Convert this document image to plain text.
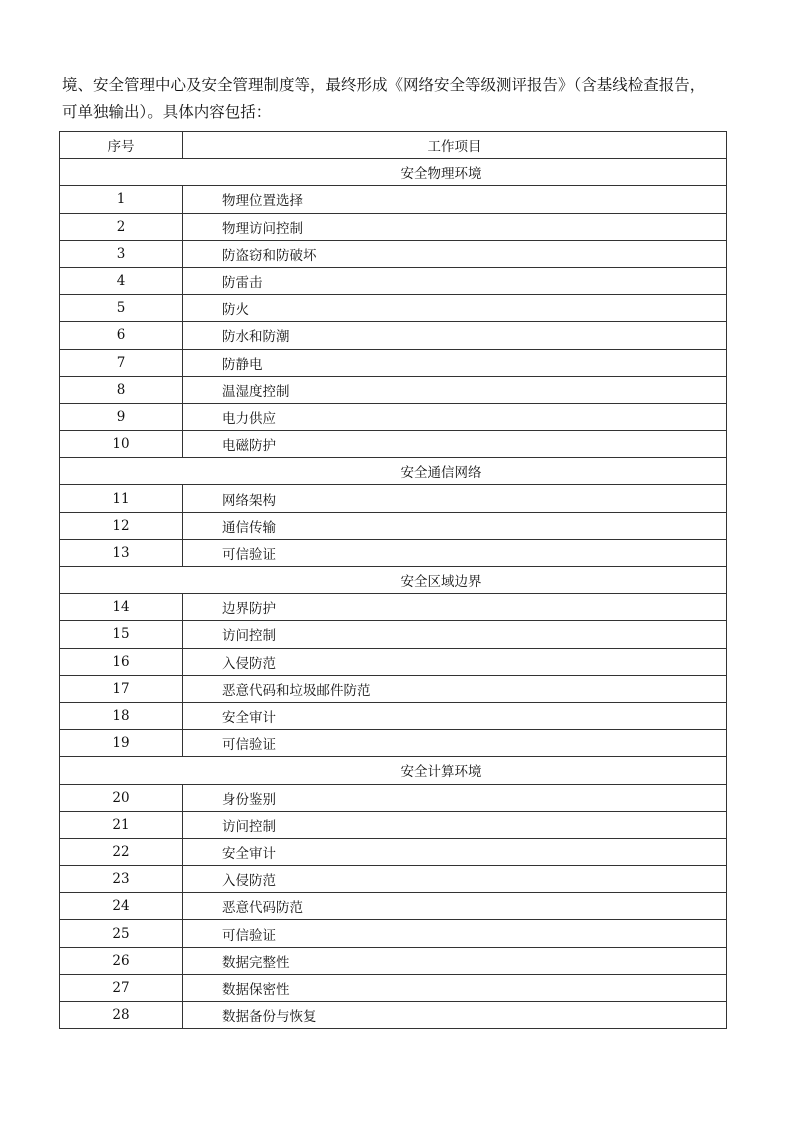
境、安全管理中心及安全管理制度等，最终形成《网络安全等级测评报告》（含基线检查报告，
可单独输出）。具体内容包括：

序号	工作项目
安全物理环境	
1	物理位置选择
2	物理访问控制
3	防盗窃和防破坏
4	防雷击
5	防火
6	防水和防潮
7	防静电
8	温湿度控制
9	电力供应
10	电磁防护
安全通信网络	
11	网络架构
12	通信传输
13	可信验证
安全区域边界	
14	边界防护
15	访问控制
16	入侵防范
17	恶意代码和垃圾邮件防范
18	安全审计
19	可信验证
安全计算环境	
20	身份鉴别
21	访问控制
22	安全审计
23	入侵防范
24	恶意代码防范
25	可信验证
26	数据完整性
27	数据保密性
28	数据备份与恢复
